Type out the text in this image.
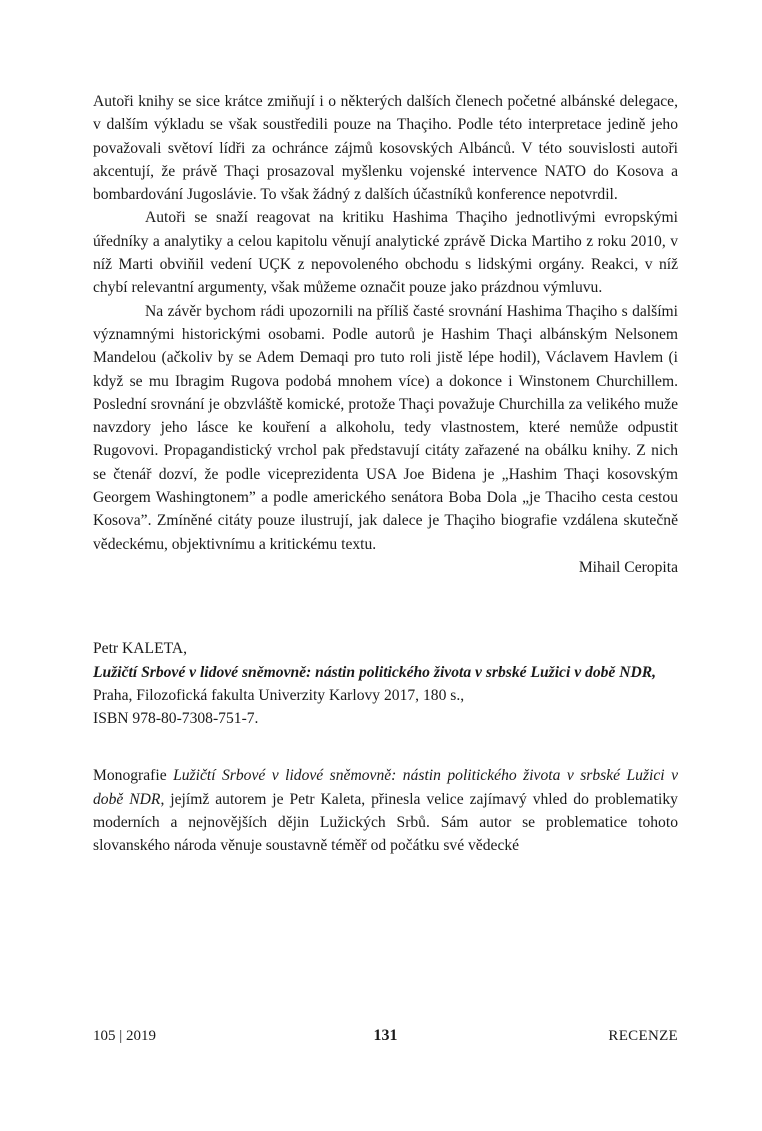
Autoři knihy se sice krátce zmiňují i o některých dalších členech početné albánské delegace, v dalším výkladu se však soustředili pouze na Thaçiho. Podle této interpretace jedině jeho považovali světoví lídři za ochránce zájmů kosovských Albánců. V této souvislosti autoři akcentují, že právě Thaçi prosazoval myšlenku vojenské intervence NATO do Kosova a bombardování Jugoslávie. To však žádný z dalších účastníků konference nepotvrdil.

Autoři se snaží reagovat na kritiku Hashima Thaçiho jednotlivými evropskými úředníky a analytiky a celou kapitolu věnují analytické zprávě Dicka Martiho z roku 2010, v níž Marti obviňil vedení UÇK z nepovoleného obchodu s lidskými orgány. Reakci, v níž chybí relevantní argumenty, však můžeme označit pouze jako prázdnou výmluvu.

Na závěr bychom rádi upozornili na příliš časté srovnání Hashima Thaçiho s dalšími významnými historickými osobami. Podle autorů je Hashim Thaçi albánským Nelsonem Mandelou (ačkoliv by se Adem Demaqi pro tuto roli jistě lépe hodil), Václavem Havlem (i když se mu Ibragim Rugova podobá mnohem více) a dokonce i Winstonem Churchillem. Poslední srovnání je obzvláště komické, protože Thaçi považuje Churchilla za velikého muže navzdory jeho lásce ke kouření a alkoholu, tedy vlastnostem, které nemůže odpustit Rugovovi. Propagandistický vrchol pak představují citáty zařazené na obálku knihy. Z nich se čtenář dozví, že podle viceprezidenta USA Joe Bidena je „Hashim Thaçi kosovským Georgem Washingtonem” a podle amerického senátora Boba Dola „je Thaciho cesta cestou Kosova”. Zmíněné citáty pouze ilustrují, jak dalece je Thaçiho biografie vzdálena skutečně vědeckému, objektivnímu a kritickému textu.

Mihail Ceropita

Petr KALETA,

Lužičtí Srbové v lidové sněmovně: nástin politického života v srbské Lužici v době NDR,

Praha, Filozofická fakulta Univerzity Karlovy 2017, 180 s.,

ISBN 978-80-7308-751-7.

Monografie Lužičtí Srbové v lidové sněmovně: nástin politického života v srbské Lužici v době NDR, jejímž autorem je Petr Kaleta, přinesla velice zajímavý vhled do problematiky moderních a nejnovějších dějin Lužických Srbů. Sám autor se problematice tohoto slovanského národa věnuje soustavně téměř od počátku své vědecké

105 | 2019	131	RECENZE
